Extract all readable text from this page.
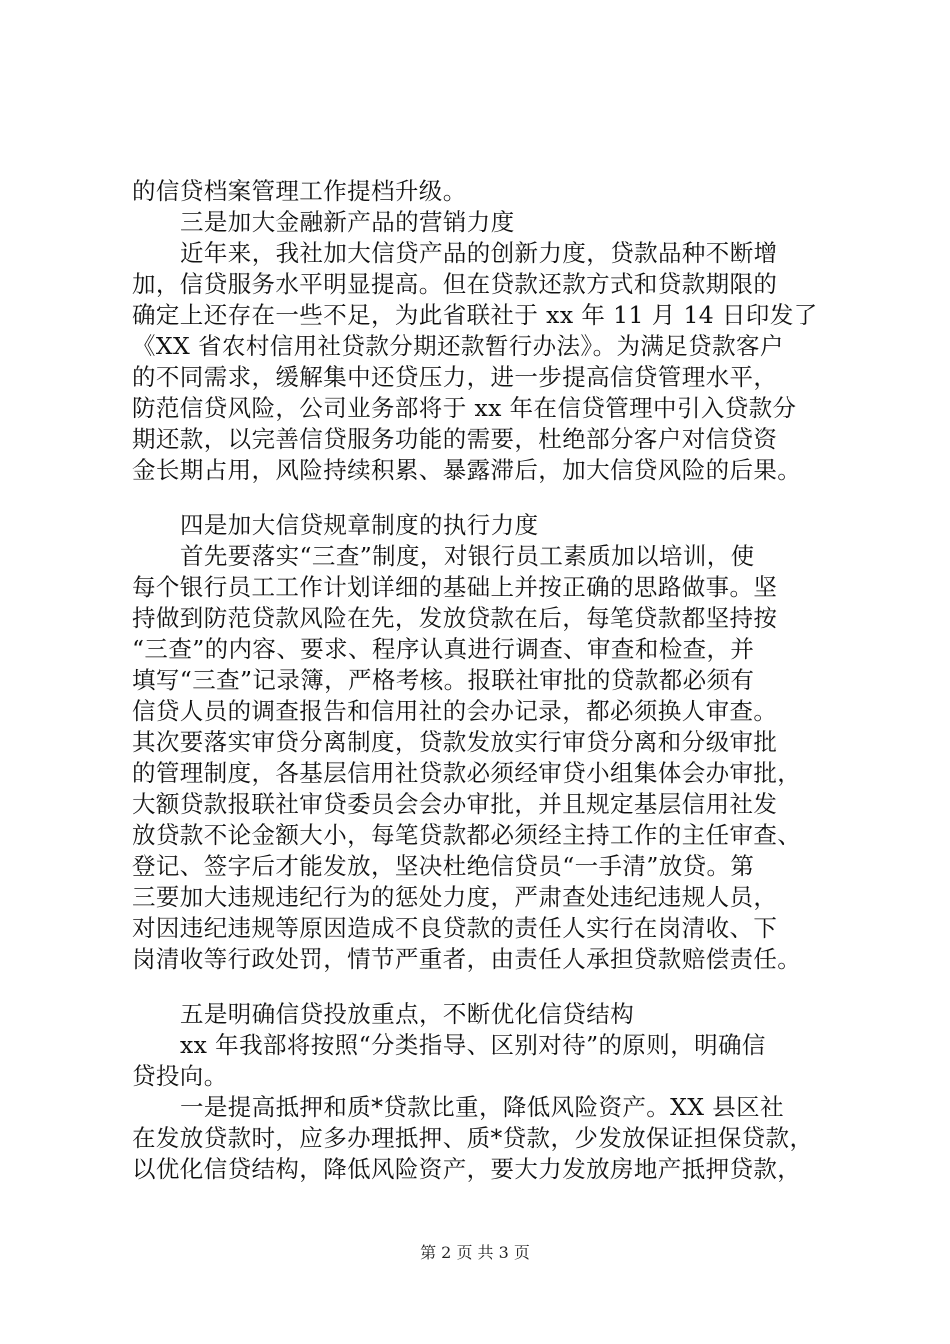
的信贷档案管理工作提档升级。
三是加大金融新产品的营销力度
近年来，我社加大信贷产品的创新力度，贷款品种不断增
加，信贷服务水平明显提高。但在贷款还款方式和贷款期限的
确定上还存在一些不足，为此省联社于 xx 年 11 月 14 日印发了
《XX 省农村信用社贷款分期还款暂行办法》。为满足贷款客户
的不同需求，缓解集中还贷压力，进一步提高信贷管理水平，
防范信贷风险，公司业务部将于 xx 年在信贷管理中引入贷款分
期还款，以完善信贷服务功能的需要，杜绝部分客户对信贷资
金长期占用，风险持续积累、暴露滞后，加大信贷风险的后果。
四是加大信贷规章制度的执行力度
首先要落实“三查”制度，对银行员工素质加以培训，使
每个银行员工工作计划详细的基础上并按正确的思路做事。坚
持做到防范贷款风险在先，发放贷款在后，每笔贷款都坚持按
“三查”的内容、要求、程序认真进行调查、审查和检查，并
填写“三查”记录簿，严格考核。报联社审批的贷款都必须有
信贷人员的调查报告和信用社的会办记录，都必须换人审查。
其次要落实审贷分离制度，贷款发放实行审贷分离和分级审批
的管理制度，各基层信用社贷款必须经审贷小组集体会办审批，
大额贷款报联社审贷委员会会办审批，并且规定基层信用社发
放贷款不论金额大小，每笔贷款都必须经主持工作的主任审查、
登记、签字后才能发放，坚决杜绝信贷员“一手清”放贷。第
三要加大违规违纪行为的惩处力度，严肃查处违纪违规人员，
对因违纪违规等原因造成不良贷款的责任人实行在岗清收、下
岗清收等行政处罚，情节严重者，由责任人承担贷款赔偿责任。
五是明确信贷投放重点，不断优化信贷结构
xx 年我部将按照“分类指导、区别对待”的原则，明确信
贷投向。
一是提高抵押和质*贷款比重，降低风险资产。XX 县区社
在发放贷款时，应多办理抵押、质*贷款，少发放保证担保贷款，
以优化信贷结构，降低风险资产，要大力发放房地产抵押贷款，
第 2 页 共 3 页
